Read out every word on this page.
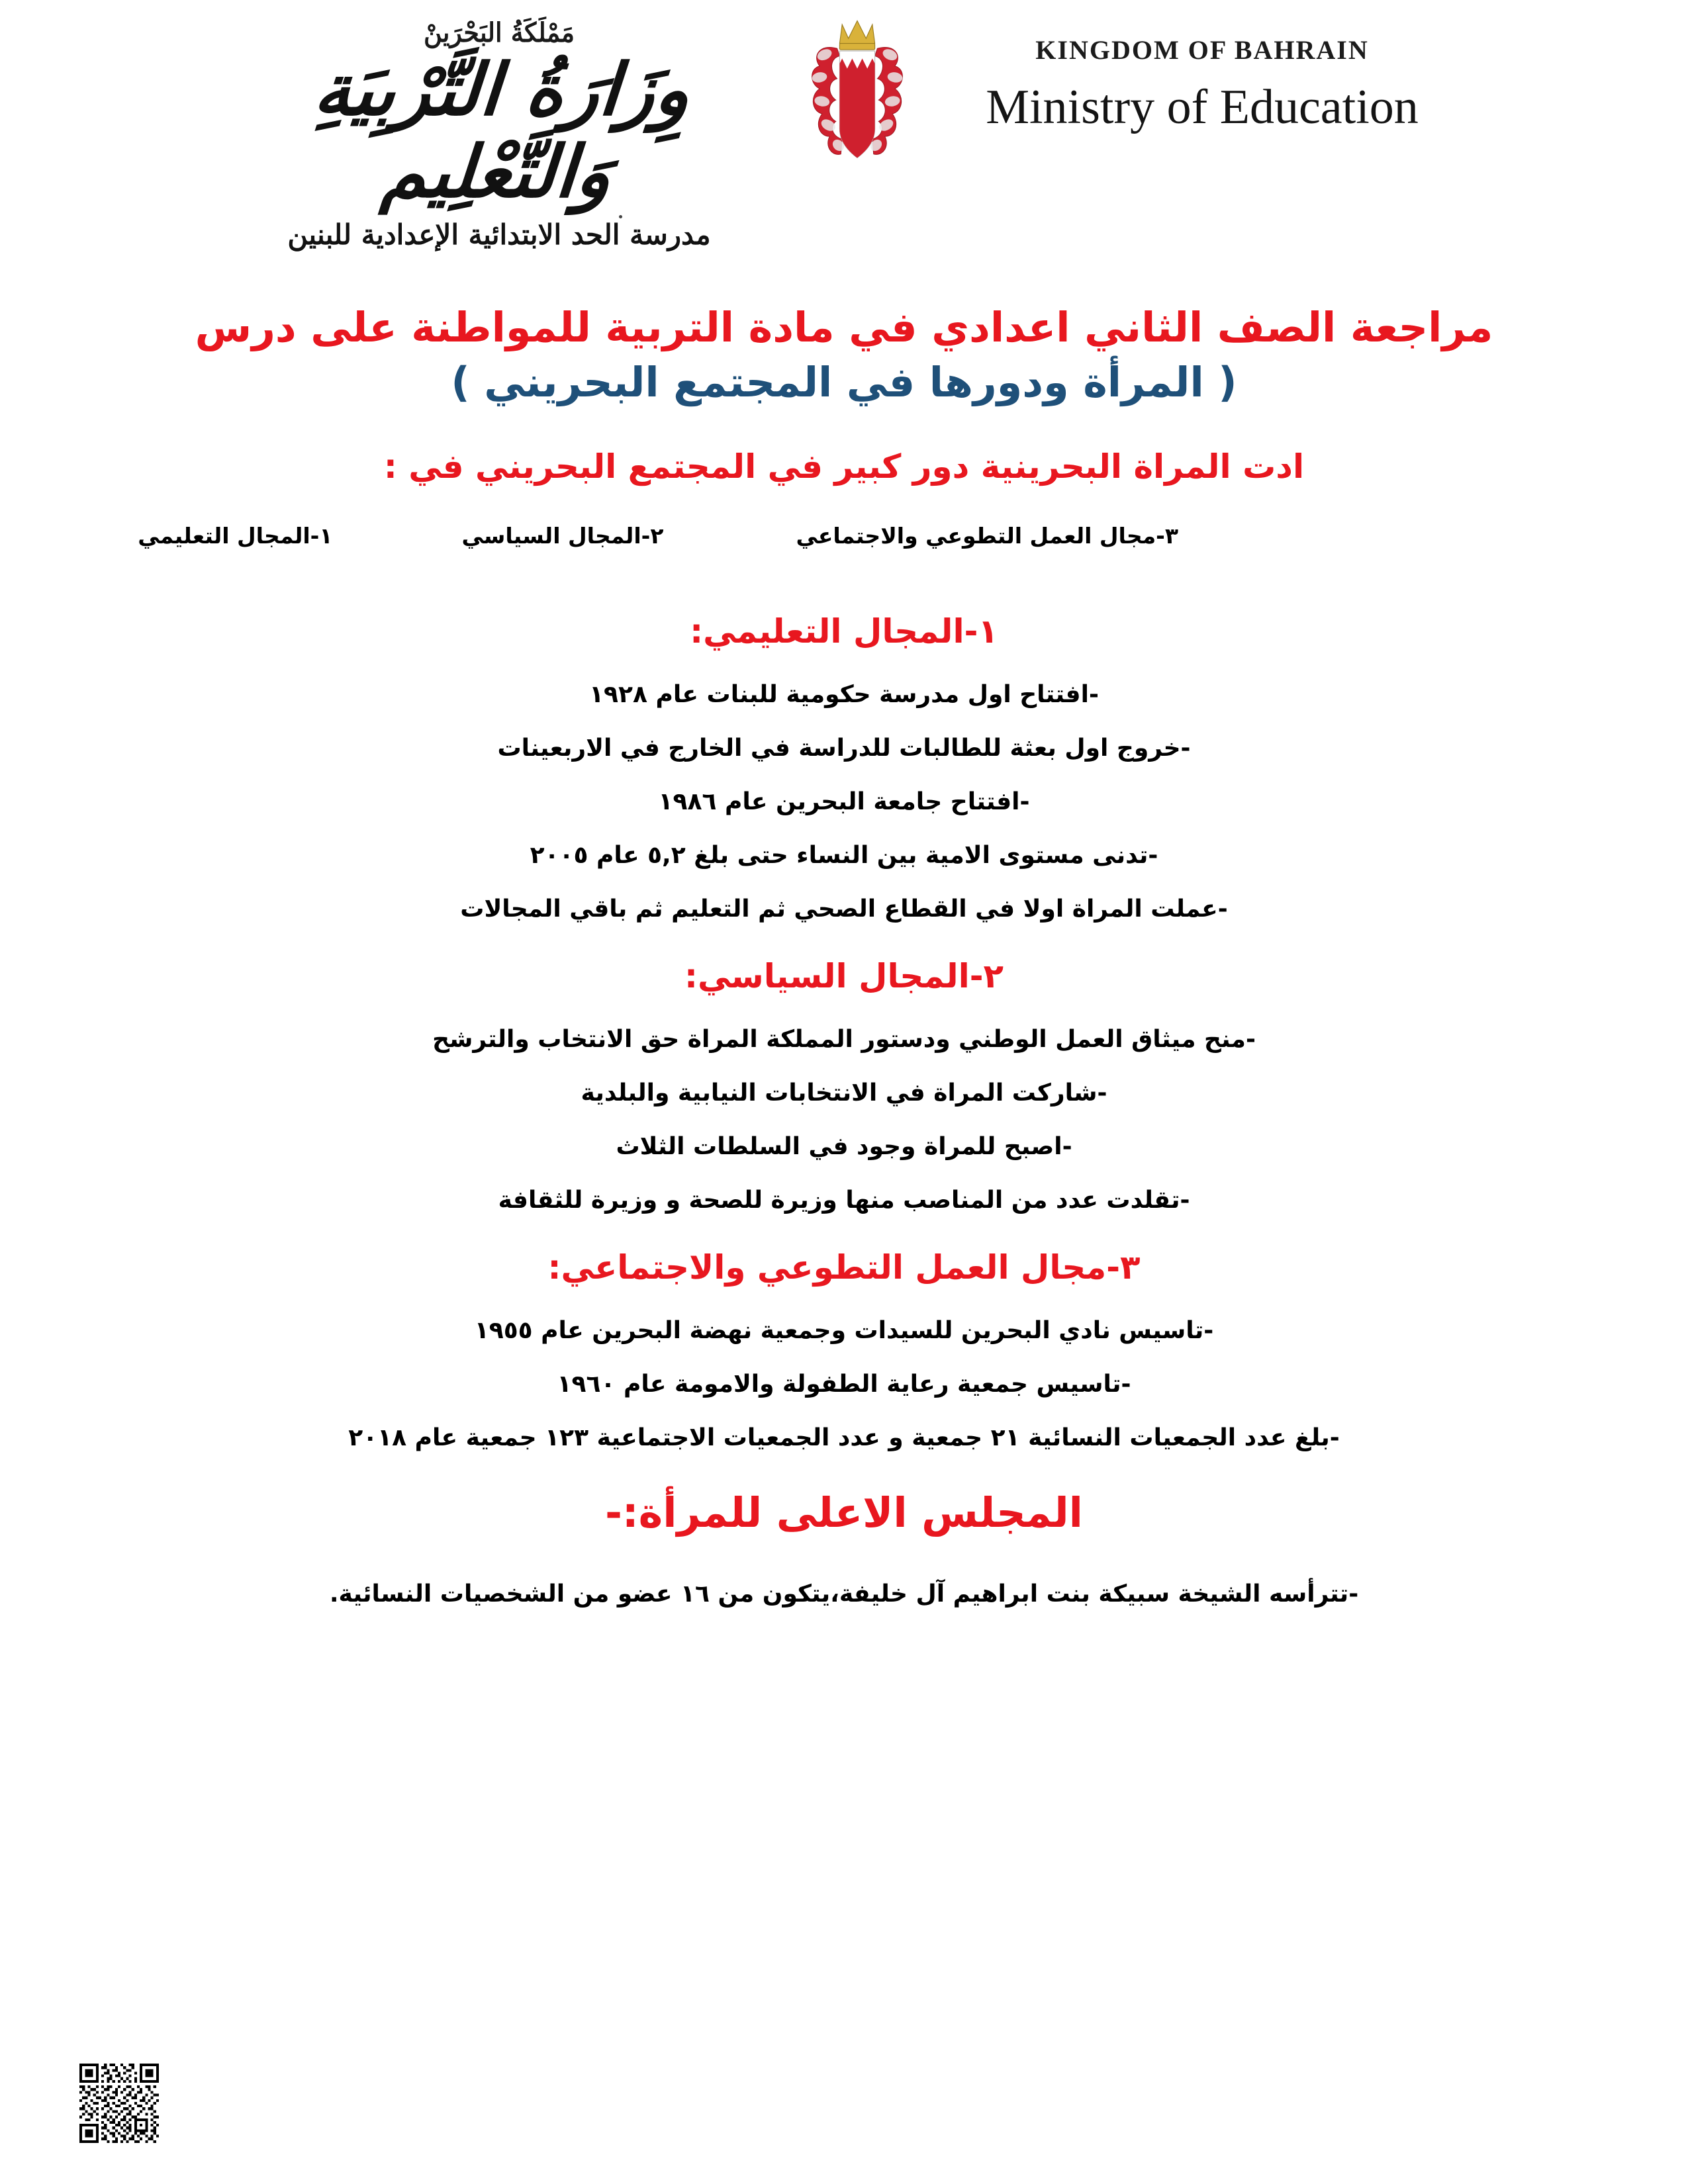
مَمْلَكَةُ البَحْرَينْ
وِزَارَةُ التَّرْبِيَةِ وَالتَّعْلِيم
مدرسة الحد الابتدائية الإعدادية للبنين
KINGDOM OF BAHRAIN
Ministry of Education
مراجعة الصف الثاني اعدادي في مادة التربية للمواطنة على درس
( المرأة ودورها في المجتمع البحريني )
ادت المراة البحرينية دور كبير في المجتمع البحريني في :
٣-مجال العمل التطوعي والاجتماعي
٢-المجال السياسي
١-المجال التعليمي
١-المجال التعليمي:
-افتتاح اول مدرسة حكومية للبنات عام ١٩٢٨
-خروج اول بعثة للطالبات للدراسة في الخارج في الاربعينات
-افتتاح جامعة البحرين عام ١٩٨٦
-تدنى مستوى الامية بين النساء حتى بلغ ٥,٢ عام ٢٠٠٥
-عملت المراة اولا في القطاع الصحي ثم التعليم ثم باقي المجالات
٢-المجال السياسي:
-منح ميثاق العمل الوطني ودستور المملكة المراة حق الانتخاب والترشح
-شاركت المراة في الانتخابات النيابية والبلدية
-اصبح للمراة وجود في السلطات الثلاث
-تقلدت عدد من المناصب منها وزيرة للصحة و وزيرة للثقافة
٣-مجال العمل التطوعي والاجتماعي:
-تاسيس نادي البحرين للسيدات وجمعية نهضة البحرين عام ١٩٥٥
-تاسيس جمعية رعاية الطفولة والامومة عام ١٩٦٠
-بلغ عدد الجمعيات النسائية ٢١ جمعية و عدد الجمعيات الاجتماعية ١٢٣ جمعية عام ٢٠١٨
المجلس الاعلى للمرأة:-
-تترأسه الشيخة سبيكة بنت ابراهيم آل خليفة،يتكون من ١٦ عضو من الشخصيات النسائية.
